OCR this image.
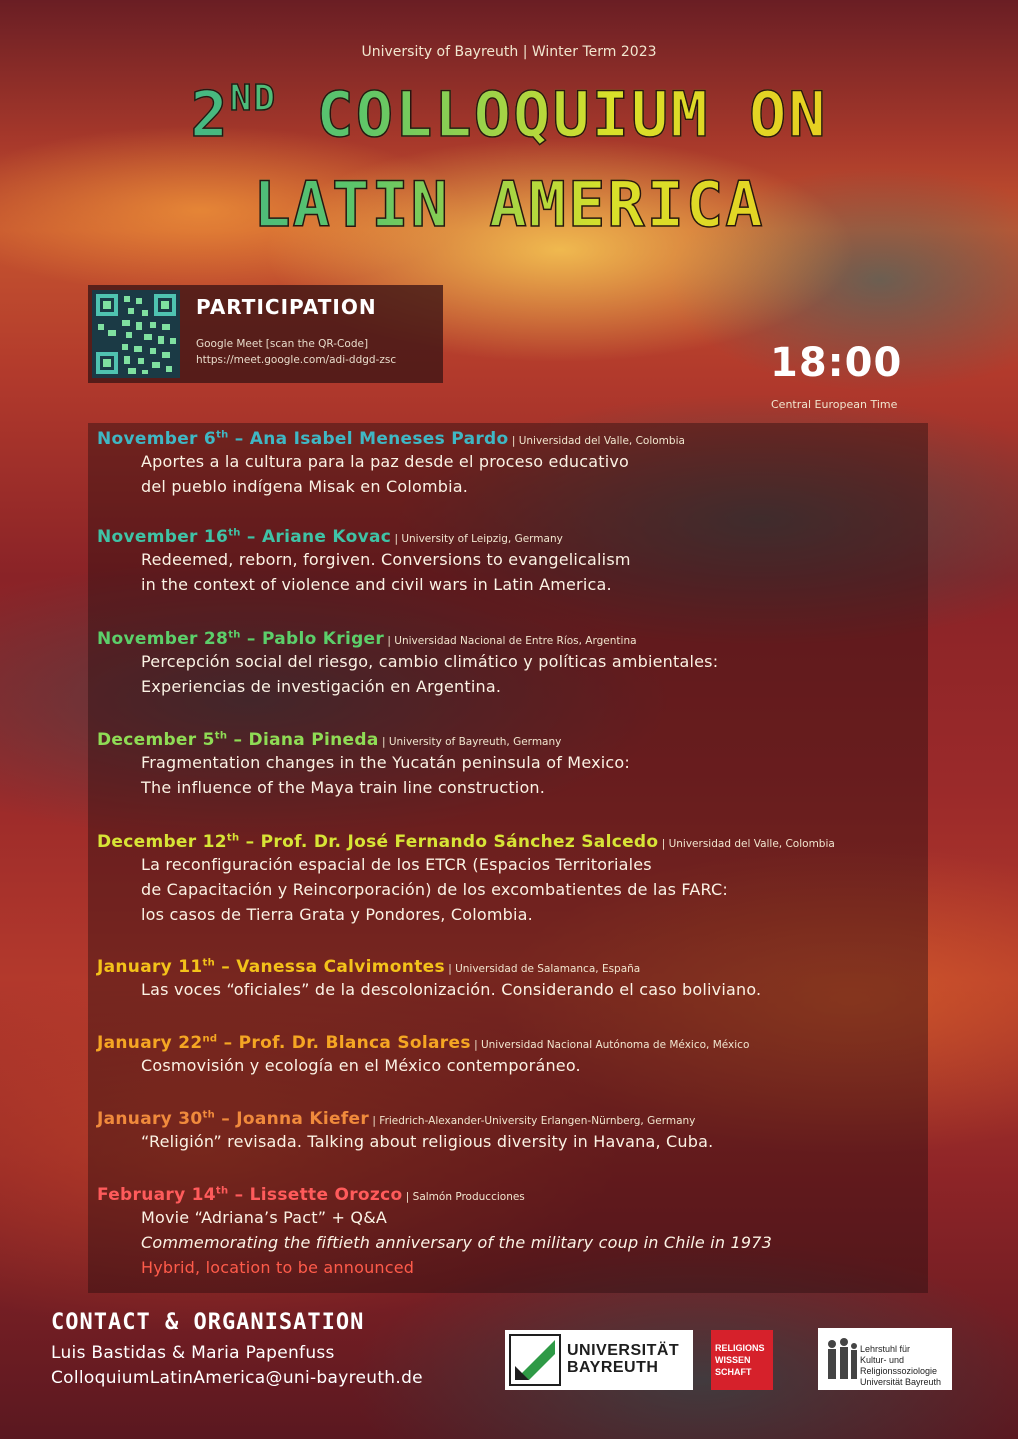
University of Bayreuth | Winter Term 2023
2ND COLLOQUIUM ON
LATIN AMERICA
PARTICIPATION
Google Meet [scan the QR-Code]
https://meet.google.com/adi-ddgd-zsc	18:00
Central European Time
November 6th – Ana Isabel Meneses Pardo | Universidad del Valle, Colombia
Aportes a la cultura para la paz desde el proceso educativo
del pueblo indígena Misak en Colombia.
November 16th – Ariane Kovac | University of Leipzig, Germany
Redeemed, reborn, forgiven. Conversions to evangelicalism
in the context of violence and civil wars in Latin America.
November 28th – Pablo Kriger | Universidad Nacional de Entre Ríos, Argentina
Percepción social del riesgo, cambio climático y políticas ambientales:
Experiencias de investigación en Argentina.
December 5th – Diana Pineda | University of Bayreuth, Germany
Fragmentation changes in the Yucatán peninsula of Mexico:
The influence of the Maya train line construction.
December 12th – Prof. Dr. José Fernando Sánchez Salcedo | Universidad del Valle, Colombia
La reconfiguración espacial de los ETCR (Espacios Territoriales
de Capacitación y Reincorporación) de los excombatientes de las FARC:
los casos de Tierra Grata y Pondores, Colombia.
January 11th – Vanessa Calvimontes | Universidad de Salamanca, España
Las voces “oficiales” de la descolonización. Considerando el caso boliviano.
January 22nd – Prof. Dr. Blanca Solares | Universidad Nacional Autónoma de México, México
Cosmovisión y ecología en el México contemporáneo.
January 30th – Joanna Kiefer | Friedrich-Alexander-University Erlangen-Nürnberg, Germany
“Religión” revisada. Talking about religious diversity in Havana, Cuba.
February 14th – Lissette Orozco | Salmón Producciones
Movie “Adriana’s Pact” + Q&A
Commemorating the fiftieth anniversary of the military coup in Chile in 1973
Hybrid, location to be announced
CONTACT & ORGANISATION
Luis Bastidas & Maria Papenfuss
ColloquiumLatinAmerica@uni-bayreuth.de
UNIVERSITÄT
BAYREUTH
RELIGIONS
WISSEN
SCHAFT
Lehrstuhl für
Kultur- und
Religionssoziologie
Universität Bayreuth
